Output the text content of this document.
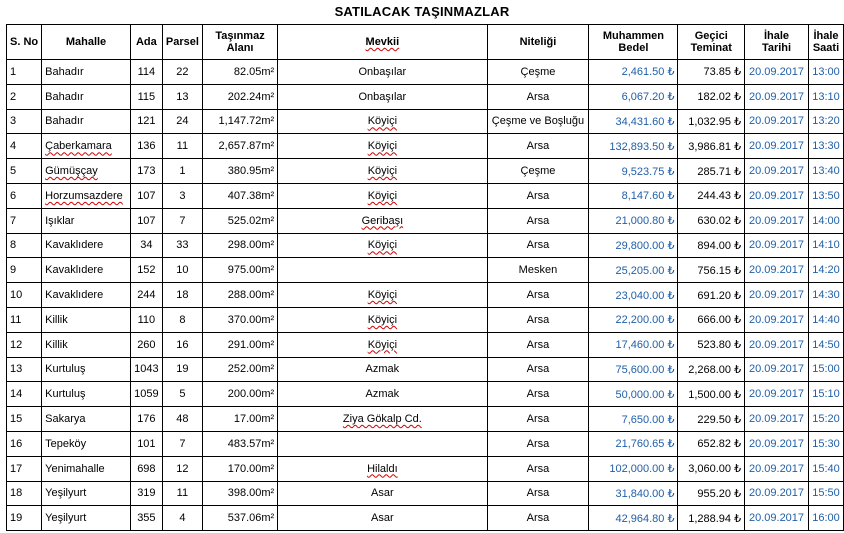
SATILACAK TAŞINMAZLAR
S. No	Mahalle	Ada	Parsel	Taşınmaz Alanı	Mevkii	Niteliği	Muhammen Bedel	Geçici Teminat	İhale Tarihi	İhale Saati
1	Bahadır	114	22	82.05m²	Onbaşılar	Çeşme	2,461.50 ₺	73.85 ₺	20.09.2017	13:00
2	Bahadır	115	13	202.24m²	Onbaşılar	Arsa	6,067.20 ₺	182.02 ₺	20.09.2017	13:10
3	Bahadır	121	24	1,147.72m²	Köyiçi	Çeşme ve Boşluğu	34,431.60 ₺	1,032.95 ₺	20.09.2017	13:20
4	Çaberkamara	136	11	2,657.87m²	Köyiçi	Arsa	132,893.50 ₺	3,986.81 ₺	20.09.2017	13:30
5	Gümüşçay	173	1	380.95m²	Köyiçi	Çeşme	9,523.75 ₺	285.71 ₺	20.09.2017	13:40
6	Horzumsazdere	107	3	407.38m²	Köyiçi	Arsa	8,147.60 ₺	244.43 ₺	20.09.2017	13:50
7	Işıklar	107	7	525.02m²	Geribaşı	Arsa	21,000.80 ₺	630.02 ₺	20.09.2017	14:00
8	Kavaklıdere	34	33	298.00m²	Köyiçi	Arsa	29,800.00 ₺	894.00 ₺	20.09.2017	14:10
9	Kavaklıdere	152	10	975.00m²		Mesken	25,205.00 ₺	756.15 ₺	20.09.2017	14:20
10	Kavaklıdere	244	18	288.00m²	Köyiçi	Arsa	23,040.00 ₺	691.20 ₺	20.09.2017	14:30
11	Killik	110	8	370.00m²	Köyiçi	Arsa	22,200.00 ₺	666.00 ₺	20.09.2017	14:40
12	Killik	260	16	291.00m²	Köyiçi	Arsa	17,460.00 ₺	523.80 ₺	20.09.2017	14:50
13	Kurtuluş	1043	19	252.00m²	Azmak	Arsa	75,600.00 ₺	2,268.00 ₺	20.09.2017	15:00
14	Kurtuluş	1059	5	200.00m²	Azmak	Arsa	50,000.00 ₺	1,500.00 ₺	20.09.2017	15:10
15	Sakarya	176	48	17.00m²	Ziya Gökalp Cd.	Arsa	7,650.00 ₺	229.50 ₺	20.09.2017	15:20
16	Tepeköy	101	7	483.57m²		Arsa	21,760.65 ₺	652.82 ₺	20.09.2017	15:30
17	Yenimahalle	698	12	170.00m²	Hilaldı	Arsa	102,000.00 ₺	3,060.00 ₺	20.09.2017	15:40
18	Yeşilyurt	319	11	398.00m²	Asar	Arsa	31,840.00 ₺	955.20 ₺	20.09.2017	15:50
19	Yeşilyurt	355	4	537.06m²	Asar	Arsa	42,964.80 ₺	1,288.94 ₺	20.09.2017	16:00
